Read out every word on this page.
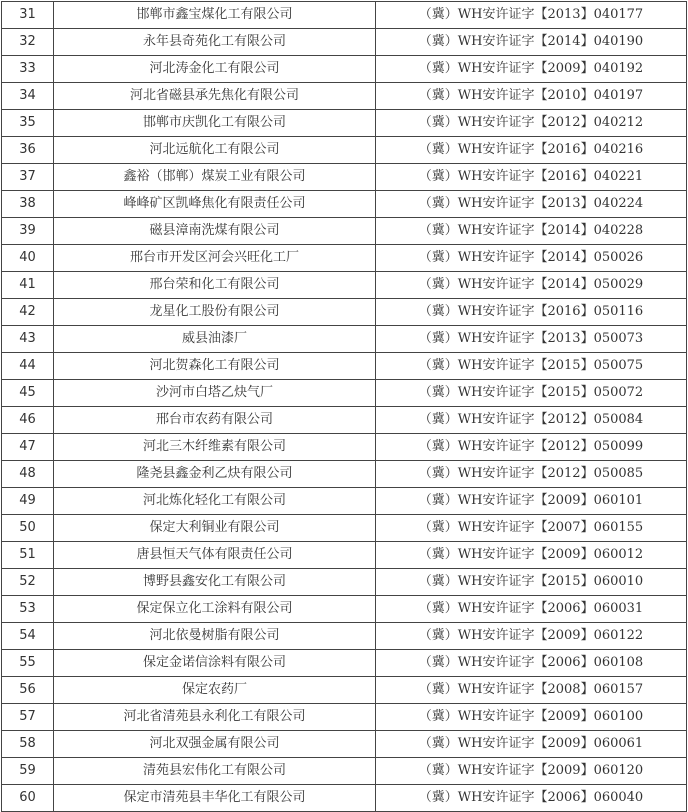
31	邯郸市鑫宝煤化工有限公司	（冀）WH安许证字【2013】040177
32	永年县奇苑化工有限公司	（冀）WH安许证字【2014】040190
33	河北涛金化工有限公司	（冀）WH安许证字【2009】040192
34	河北省磁县承先焦化有限公司	（冀）WH安许证字【2010】040197
35	邯郸市庆凯化工有限公司	（冀）WH安许证字【2012】040212
36	河北远航化工有限公司	（冀）WH安许证字【2016】040216
37	鑫裕（邯郸）煤炭工业有限公司	（冀）WH安许证字【2016】040221
38	峰峰矿区凯峰焦化有限责任公司	（冀）WH安许证字【2013】040224
39	磁县漳南洗煤有限公司	（冀）WH安许证字【2014】040228
40	邢台市开发区河会兴旺化工厂	（冀）WH安许证字【2014】050026
41	邢台荣和化工有限公司	（冀）WH安许证字【2014】050029
42	龙星化工股份有限公司	（冀）WH安许证字【2016】050116
43	威县油漆厂	（冀）WH安许证字【2013】050073
44	河北贺森化工有限公司	（冀）WH安许证字【2015】050075
45	沙河市白塔乙炔气厂	（冀）WH安许证字【2015】050072
46	邢台市农药有限公司	（冀）WH安许证字【2012】050084
47	河北三木纤维素有限公司	（冀）WH安许证字【2012】050099
48	隆尧县鑫金利乙炔有限公司	（冀）WH安许证字【2012】050085
49	河北炼化轻化工有限公司	（冀）WH安许证字【2009】060101
50	保定大利铜业有限公司	（冀）WH安许证字【2007】060155
51	唐县恒天气体有限责任公司	（冀）WH安许证字【2009】060012
52	博野县鑫安化工有限公司	（冀）WH安许证字【2015】060010
53	保定保立化工涂料有限公司	（冀）WH安许证字【2006】060031
54	河北依曼树脂有限公司	（冀）WH安许证字【2009】060122
55	保定金诺信涂料有限公司	（冀）WH安许证字【2006】060108
56	保定农药厂	（冀）WH安许证字【2008】060157
57	河北省清苑县永利化工有限公司	（冀）WH安许证字【2009】060100
58	河北双强金属有限公司	（冀）WH安许证字【2009】060061
59	清苑县宏伟化工有限公司	（冀）WH安许证字【2009】060120
60	保定市清苑县丰华化工有限公司	（冀）WH安许证字【2006】060040
